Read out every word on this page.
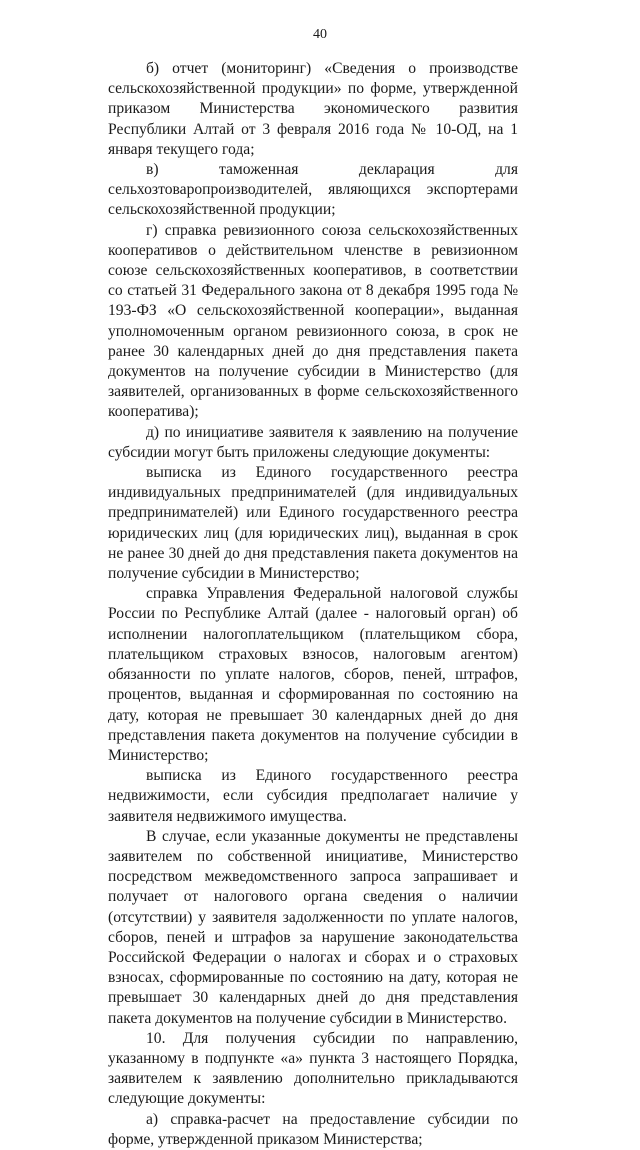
40

б) отчет (мониторинг) «Сведения о производстве сельскохозяйственной продукции» по форме, утвержденной приказом Министерства экономического развития Республики Алтай от 3 февраля 2016 года № 10-ОД, на 1 января текущего года;

в) таможенная декларация для сельхозтоваропроизводителей, являющихся экспортерами сельскохозяйственной продукции;

г) справка ревизионного союза сельскохозяйственных кооперативов о действительном членстве в ревизионном союзе сельскохозяйственных кооперативов, в соответствии со статьей 31 Федерального закона от 8 декабря 1995 года № 193-ФЗ «О сельскохозяйственной кооперации», выданная уполномоченным органом ревизионного союза, в срок не ранее 30 календарных дней до дня представления пакета документов на получение субсидии в Министерство (для заявителей, организованных в форме сельскохозяйственного кооператива);

д) по инициативе заявителя к заявлению на получение субсидии могут быть приложены следующие документы:

выписка из Единого государственного реестра индивидуальных предпринимателей (для индивидуальных предпринимателей) или Единого государственного реестра юридических лиц (для юридических лиц), выданная в срок не ранее 30 дней до дня представления пакета документов на получение субсидии в Министерство;

справка Управления Федеральной налоговой службы России по Республике Алтай (далее - налоговый орган) об исполнении налогоплательщиком (плательщиком сбора, плательщиком страховых взносов, налоговым агентом) обязанности по уплате налогов, сборов, пеней, штрафов, процентов, выданная и сформированная по состоянию на дату, которая не превышает 30 календарных дней до дня представления пакета документов на получение субсидии в Министерство;

выписка из Единого государственного реестра недвижимости, если субсидия предполагает наличие у заявителя недвижимого имущества.

В случае, если указанные документы не представлены заявителем по собственной инициативе, Министерство посредством межведомственного запроса запрашивает и получает от налогового органа сведения о наличии (отсутствии) у заявителя задолженности по уплате налогов, сборов, пеней и штрафов за нарушение законодательства Российской Федерации о налогах и сборах и о страховых взносах, сформированные по состоянию на дату, которая не превышает 30 календарных дней до дня представления пакета документов на получение субсидии в Министерство.

10. Для получения субсидии по направлению, указанному в подпункте «а» пункта 3 настоящего Порядка, заявителем к заявлению дополнительно прикладываются следующие документы:

а) справка-расчет на предоставление субсидии по форме, утвержденной приказом Министерства;
